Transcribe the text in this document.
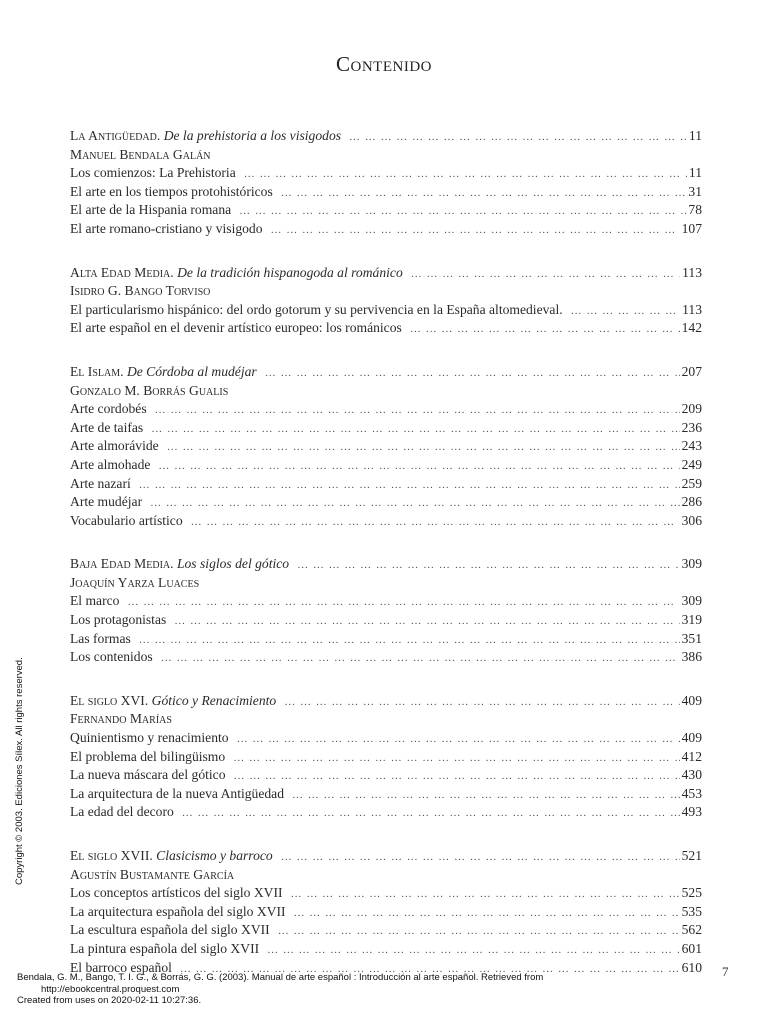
Contenido
La Antigüedad. De la prehistoria a los visigodos … … … … … … … … … … … … … … … … … … … … … … … … … … … … … … … … … … … … … … … … … … … … … …	11
Manuel Bendala Galán
Los comienzos: La Prehistoria … … … … … … … … … … … … … … … … … … … … … … … … … … … … … … … … … … … … … … … … … … … … … …	11
El arte en los tiempos protohistóricos … … … … … … … … … … … … … … … … … … … … … … … … … … … … … … … … … … … … … … … … … … … … … …	31
El arte de la Hispania romana … … … … … … … … … … … … … … … … … … … … … … … … … … … … … … … … … … … … … … … … … … … … … …	78
El arte romano-cristiano y visigodo … … … … … … … … … … … … … … … … … … … … … … … … … … … … … … … … … … … … … … … … … … … … … …	107
Alta Edad Media. De la tradición hispanogoda al románico … … … … … … … … … … … … … … … … … … … … … … … … … … … … … … … … … … … … … … … … … … … … … …	113
Isidro G. Bango Torviso
El particularismo hispánico: del ordo gotorum y su pervivencia en la España altomedieval. … … … … … … … … … … … … … … … … … … … … … … … … … … … … … … … … … … … … … … … … … … … … … …	113
El arte español en el devenir artístico europeo: los románicos … … … … … … … … … … … … … … … … … … … … … … … … … … … … … … … … … … … … … … … … … … … … … …	142
El Islam. De Córdoba al mudéjar … … … … … … … … … … … … … … … … … … … … … … … … … … … … … … … … … … … … … … … … … … … … … …	207
Gonzalo M. Borrás Gualis
Arte cordobés … … … … … … … … … … … … … … … … … … … … … … … … … … … … … … … … … … … … … … … … … … … … … …	209
Arte de taifas … … … … … … … … … … … … … … … … … … … … … … … … … … … … … … … … … … … … … … … … … … … … … …	236
Arte almorávide … … … … … … … … … … … … … … … … … … … … … … … … … … … … … … … … … … … … … … … … … … … … … …	243
Arte almohade … … … … … … … … … … … … … … … … … … … … … … … … … … … … … … … … … … … … … … … … … … … … … …	249
Arte nazarí … … … … … … … … … … … … … … … … … … … … … … … … … … … … … … … … … … … … … … … … … … … … … …	259
Arte mudéjar … … … … … … … … … … … … … … … … … … … … … … … … … … … … … … … … … … … … … … … … … … … … … …	286
Vocabulario artístico … … … … … … … … … … … … … … … … … … … … … … … … … … … … … … … … … … … … … … … … … … … … … …	306
Baja Edad Media. Los siglos del gótico … … … … … … … … … … … … … … … … … … … … … … … … … … … … … … … … … … … … … … … … … … … … … …	309
Joaquín Yarza Luaces
El marco … … … … … … … … … … … … … … … … … … … … … … … … … … … … … … … … … … … … … … … … … … … … … …	309
Los protagonistas … … … … … … … … … … … … … … … … … … … … … … … … … … … … … … … … … … … … … … … … … … … … … …	319
Las formas … … … … … … … … … … … … … … … … … … … … … … … … … … … … … … … … … … … … … … … … … … … … … …	351
Los contenidos … … … … … … … … … … … … … … … … … … … … … … … … … … … … … … … … … … … … … … … … … … … … … …	386
El siglo XVI. Gótico y Renacimiento … … … … … … … … … … … … … … … … … … … … … … … … … … … … … … … … … … … … … … … … … … … … … …	409
Fernando Marías
Quinientismo y renacimiento … … … … … … … … … … … … … … … … … … … … … … … … … … … … … … … … … … … … … … … … … … … … … …	409
El problema del bilingüismo … … … … … … … … … … … … … … … … … … … … … … … … … … … … … … … … … … … … … … … … … … … … … …	412
La nueva máscara del gótico … … … … … … … … … … … … … … … … … … … … … … … … … … … … … … … … … … … … … … … … … … … … … …	430
La arquitectura de la nueva Antigüedad … … … … … … … … … … … … … … … … … … … … … … … … … … … … … … … … … … … … … … … … … … … … … …	453
La edad del decoro … … … … … … … … … … … … … … … … … … … … … … … … … … … … … … … … … … … … … … … … … … … … … …	493
El siglo XVII. Clasicismo y barroco … … … … … … … … … … … … … … … … … … … … … … … … … … … … … … … … … … … … … … … … … … … … … …	521
Agustín Bustamante García
Los conceptos artísticos del siglo XVII … … … … … … … … … … … … … … … … … … … … … … … … … … … … … … … … … … … … … … … … … … … … … …	525
La arquitectura española del siglo XVII … … … … … … … … … … … … … … … … … … … … … … … … … … … … … … … … … … … … … … … … … … … … … …	535
La escultura española del siglo XVII … … … … … … … … … … … … … … … … … … … … … … … … … … … … … … … … … … … … … … … … … … … … … …	562
La pintura española del siglo XVII … … … … … … … … … … … … … … … … … … … … … … … … … … … … … … … … … … … … … … … … … … … … … …	601
El barroco español … … … … … … … … … … … … … … … … … … … … … … … … … … … … … … … … … … … … … … … … … … … … … …	610
Copyright © 2003. Ediciones Sílex. All rights reserved.
7
Bendala, G. M., Bango, T. I. G., & Borrás, G. G. (2003). Manual de arte español : Introducción al arte español. Retrieved from
http://ebookcentral.proquest.com
Created from uses on 2020-02-11 10:27:36.
